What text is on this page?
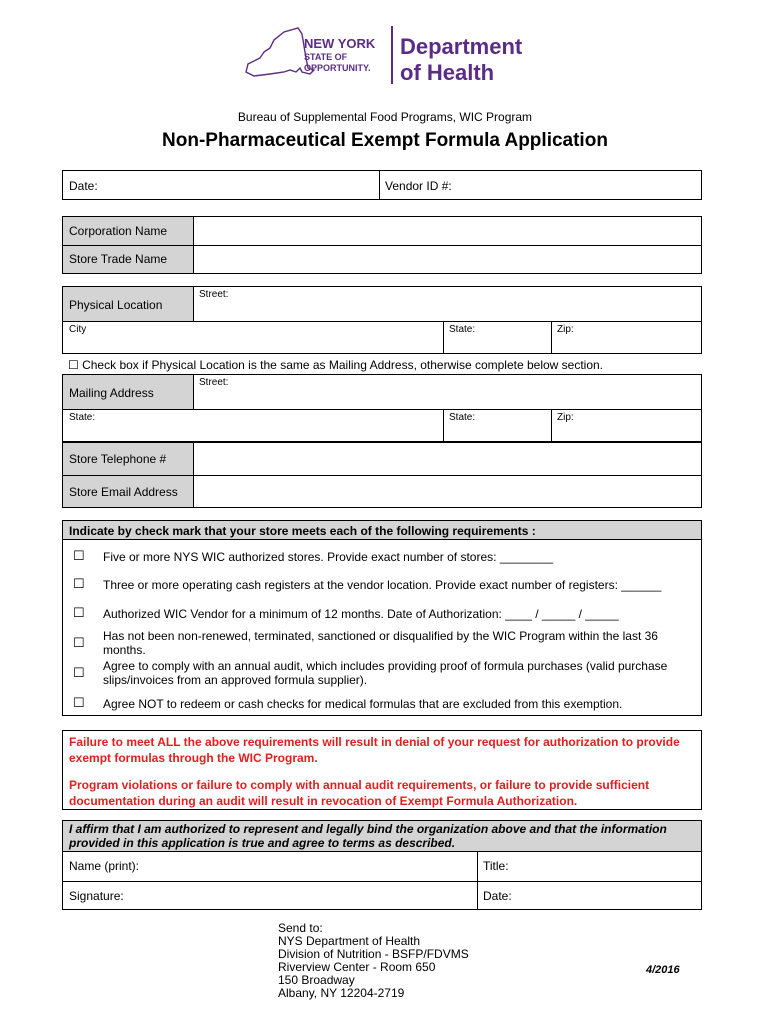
NEW YORK
STATE OF
OPPORTUNITY.
Department
of Health
Bureau of Supplemental Food Programs, WIC Program
Non-Pharmaceutical Exempt Formula Application
Date:	Vendor ID #:
Corporation Name
Store Trade Name
Physical Location
Street:
City	State:	Zip:
☐ Check box if Physical Location is the same as Mailing Address, otherwise complete below section.
Mailing Address
Street:
State:	State:	Zip:
Store Telephone #
Store Email Address
Indicate by check mark that your store meets each of the following requirements :
☐ Five or more NYS WIC authorized stores. Provide exact number of stores: ________
☐ Three or more operating cash registers at the vendor location. Provide exact number of registers: ______
☐ Authorized WIC Vendor for a minimum of 12 months. Date of Authorization: ____ / _____ / _____
☐ Has not been non-renewed, terminated, sanctioned or disqualified by the WIC Program within the last 36 months.
☐ Agree to comply with an annual audit, which includes providing proof of formula purchases (valid purchase slips/invoices from an approved formula supplier).
☐ Agree NOT to redeem or cash checks for medical formulas that are excluded from this exemption.
Failure to meet ALL the above requirements will result in denial of your request for authorization to provide exempt formulas through the WIC Program.
Program violations or failure to comply with annual audit requirements, or failure to provide sufficient documentation during an audit will result in revocation of Exempt Formula Authorization.
I affirm that I am authorized to represent and legally bind the organization above and that the information provided in this application is true and agree to terms as described.
Name (print):	Title:
Signature:	Date:
Send to:
NYS Department of Health
Division of Nutrition - BSFP/FDVMS
Riverview Center - Room 650
150 Broadway
Albany, NY 12204-2719
4/2016
